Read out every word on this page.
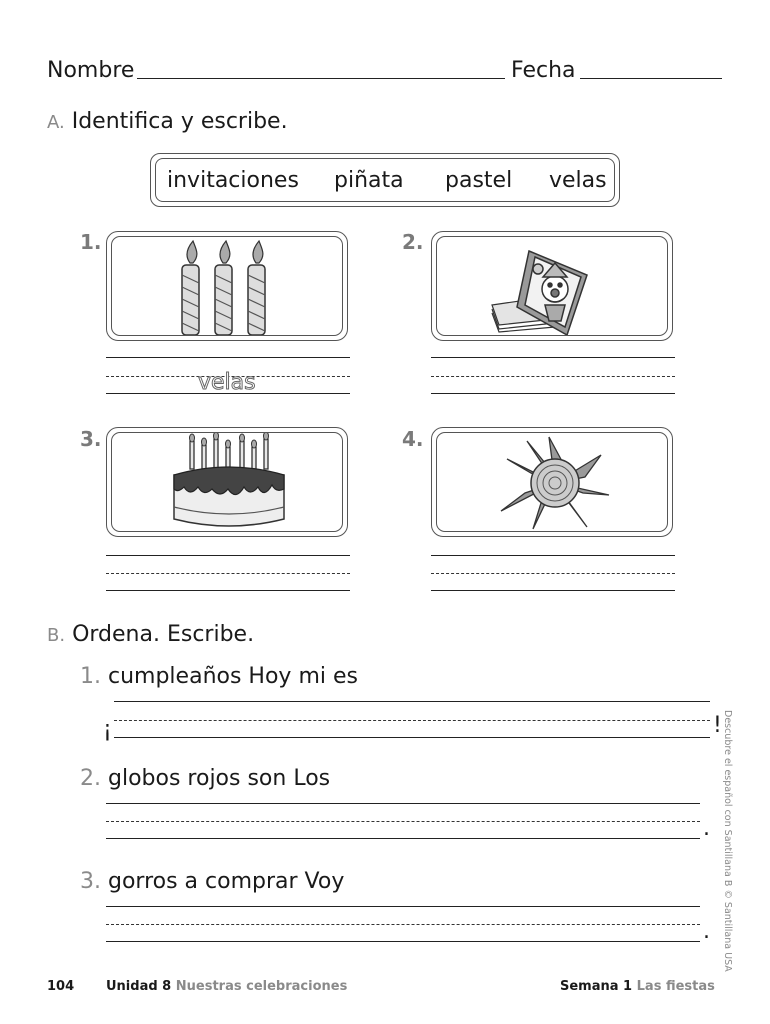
Nombre	Fecha
A. Identifica y escribe.
invitaciones piñata pastel velas
1.
velas
2.
3.	4.
B. Ordena. Escribe.
1. cumpleaños Hoy mi es
¡	!
2. globos rojos son Los
.
3. gorros a comprar Voy
. Descubre el español con Santillana B © Santillana USA
104 Unidad 8 Nuestras celebraciones	Semana 1 Las fiestas
